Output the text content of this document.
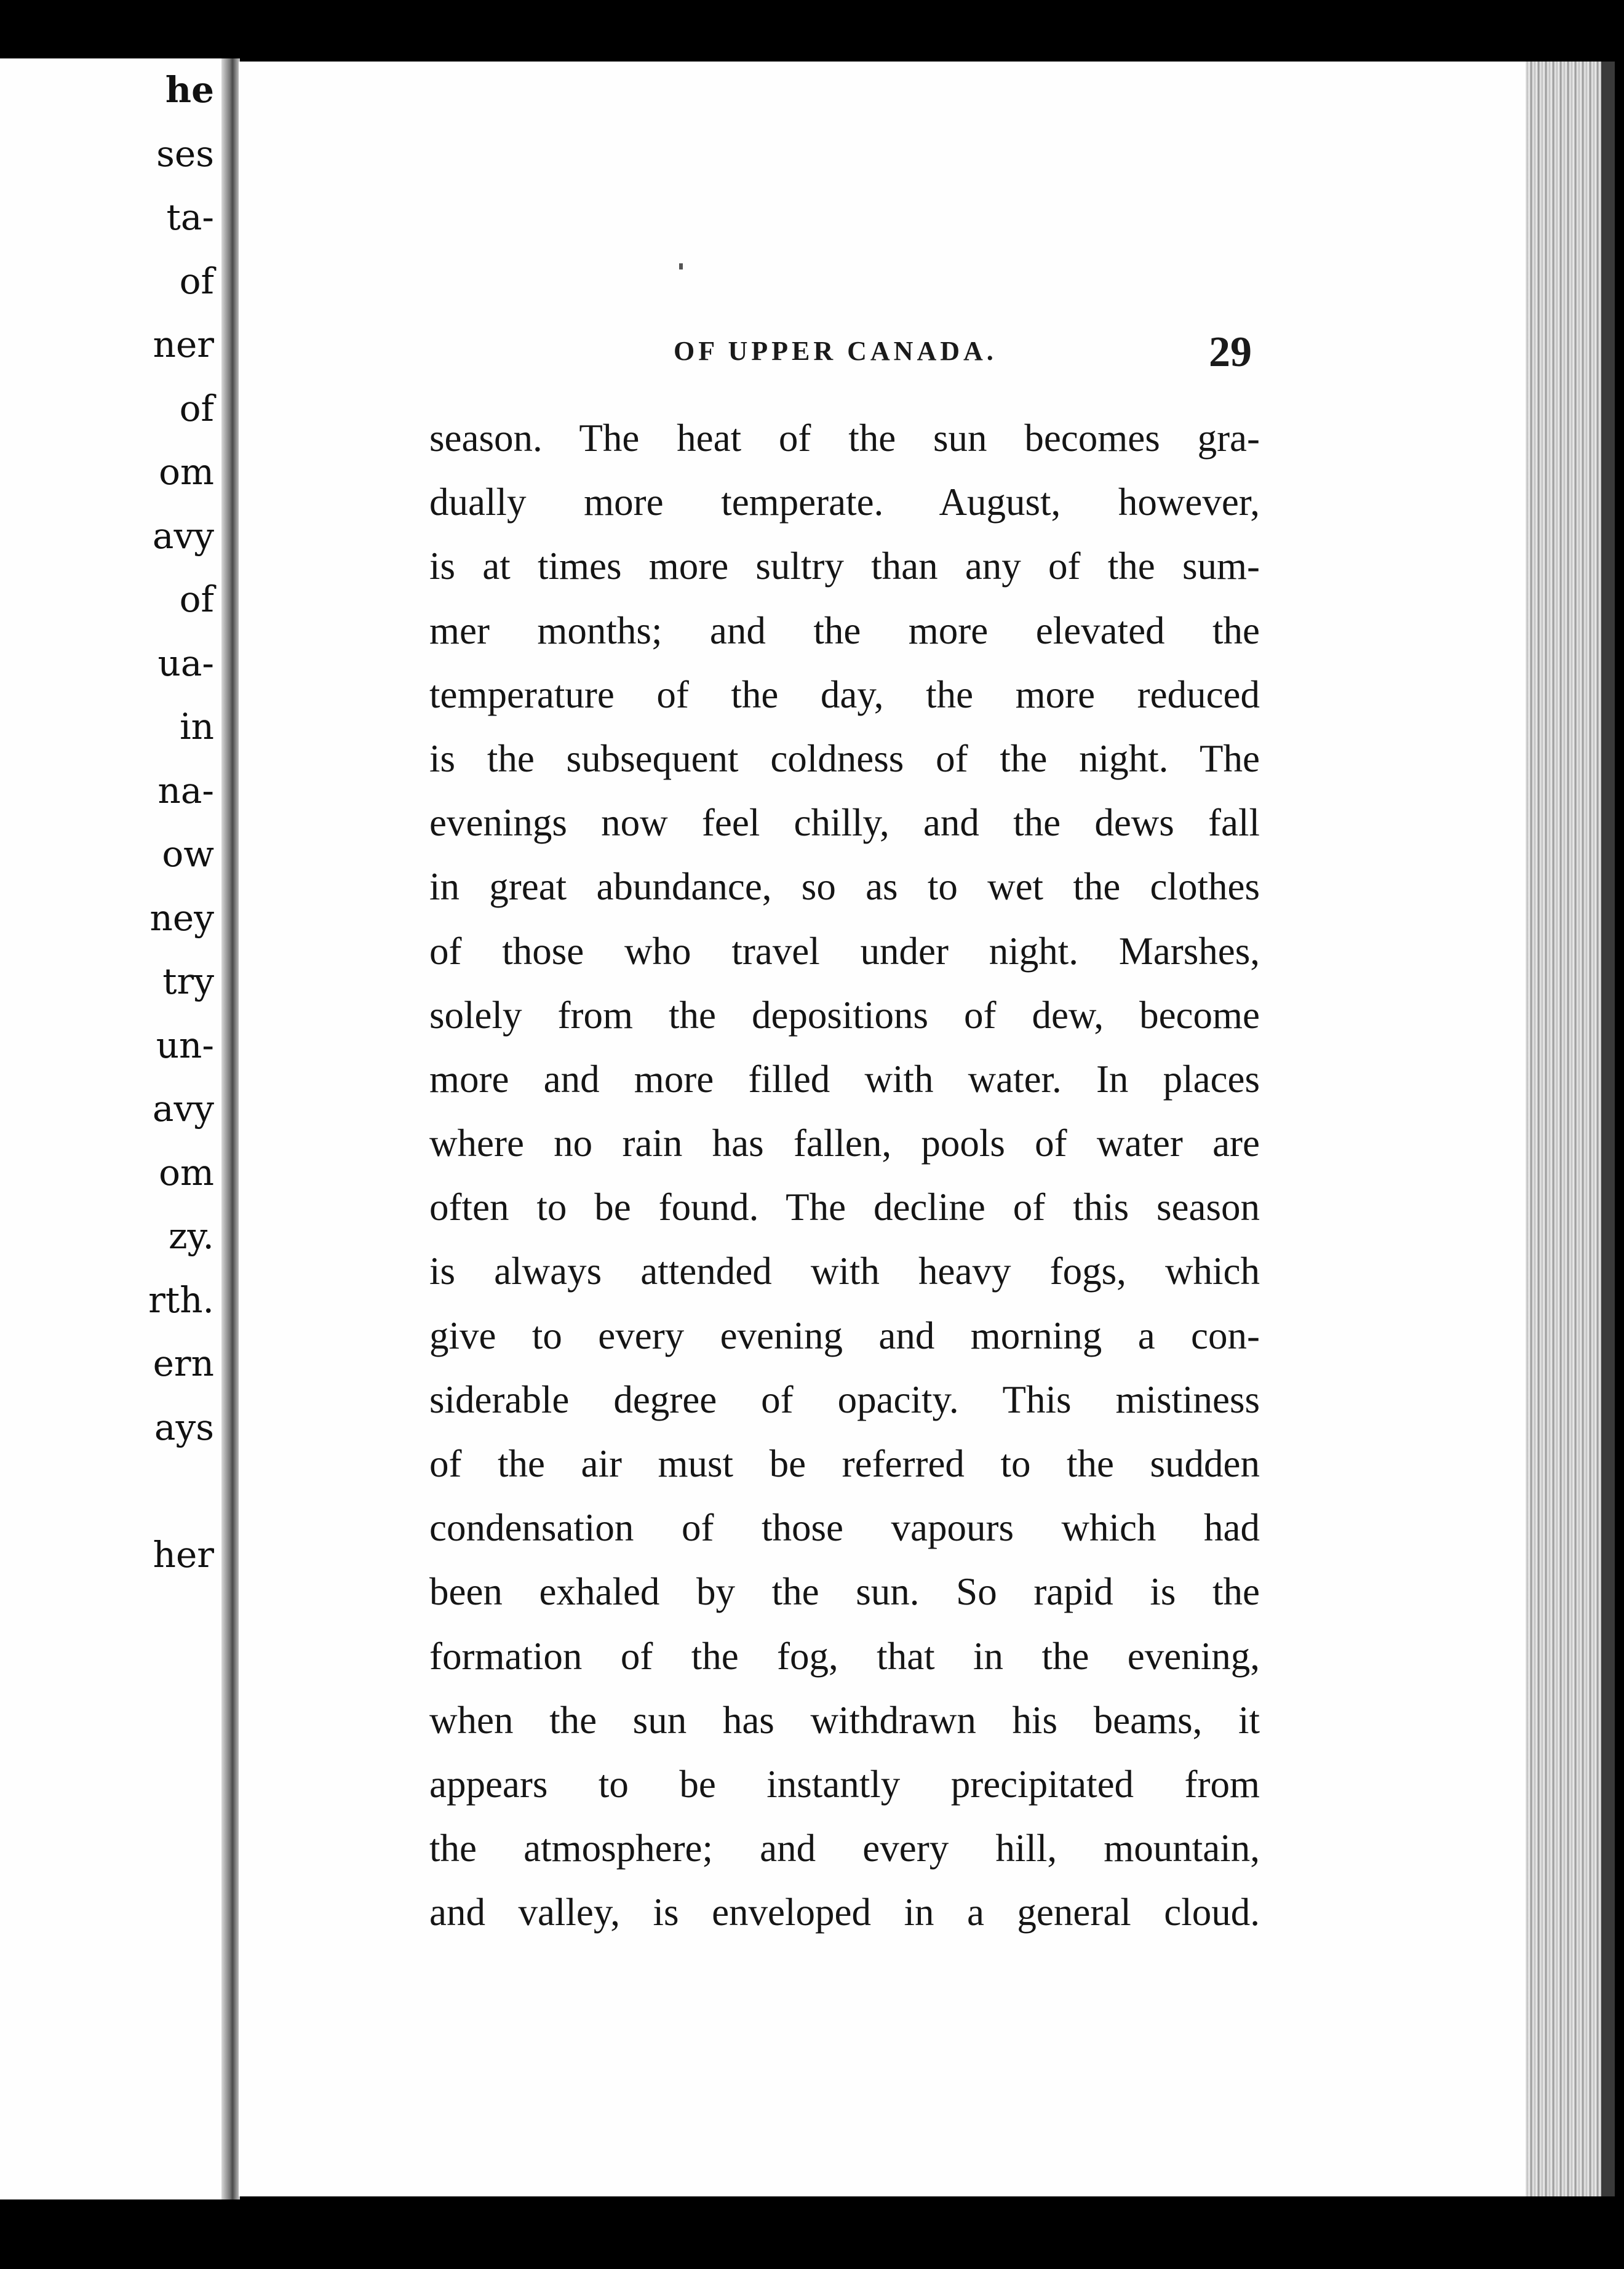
he
ses
ta-
of
ner
of
om
avy
of
ua-
in
na-
ow
ney
try
un-
avy
om
zy.
rth.
ern
ays
her
OF UPPER CANADA.	29
season. The heat of the sun becomes gra-
dually more temperate. August, however,
is at times more sultry than any of the sum-
mer months; and the more elevated the
temperature of the day, the more reduced
is the subsequent coldness of the night. The
evenings now feel chilly, and the dews fall
in great abundance, so as to wet the clothes
of those who travel under night. Marshes,
solely from the depositions of dew, become
more and more filled with water. In places
where no rain has fallen, pools of water are
often to be found. The decline of this season
is always attended with heavy fogs, which
give to every evening and morning a con-
siderable degree of opacity. This mistiness
of the air must be referred to the sudden
condensation of those vapours which had
been exhaled by the sun. So rapid is the
formation of the fog, that in the evening,
when the sun has withdrawn his beams, it
appears to be instantly precipitated from
the atmosphere; and every hill, mountain,
and valley, is enveloped in a general cloud.
